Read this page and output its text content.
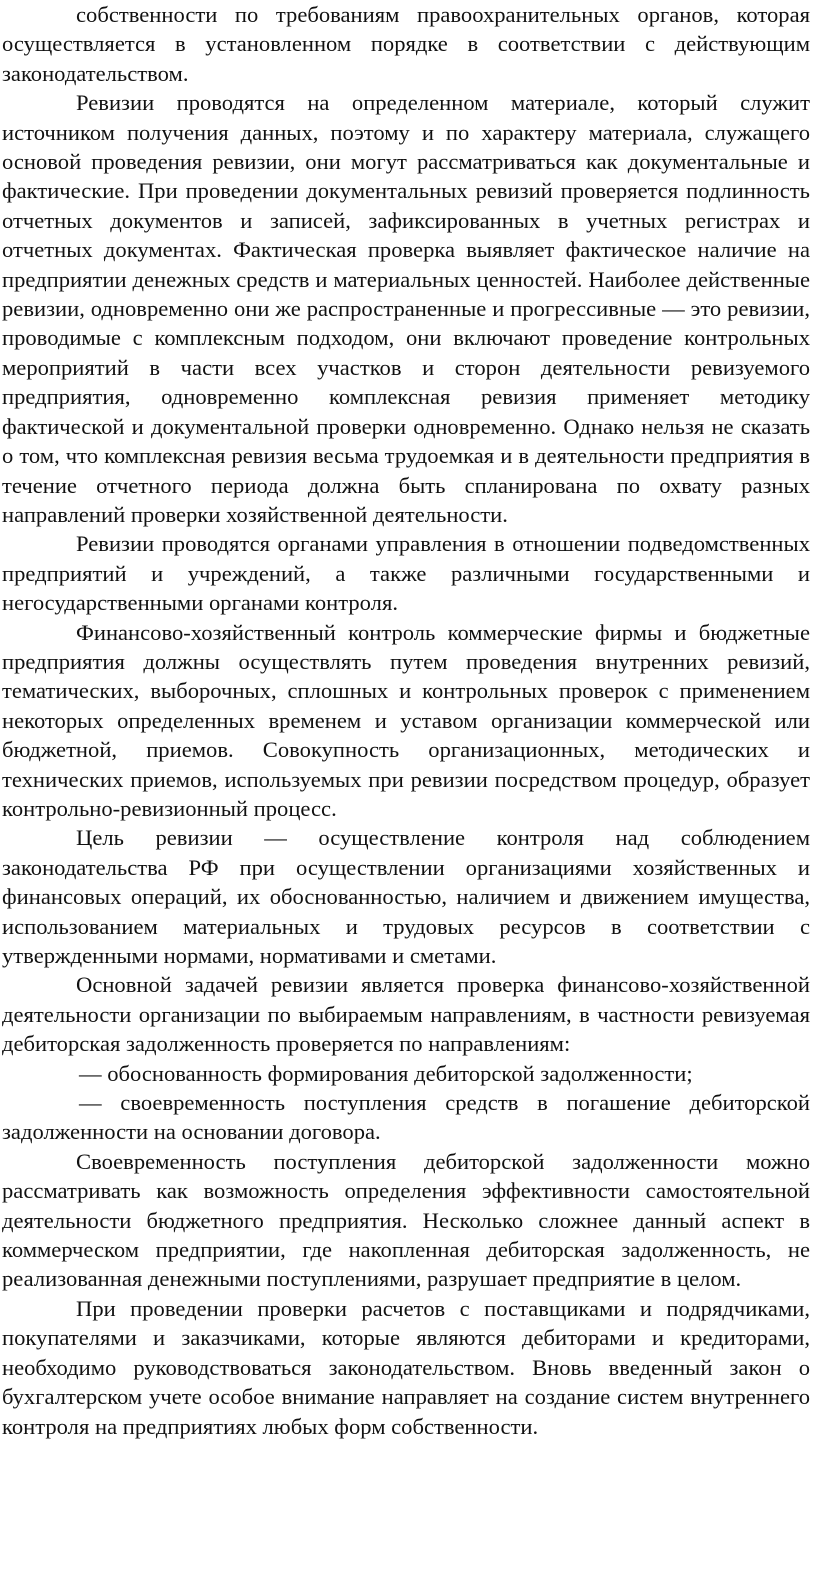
собственности по требованиям правоохранительных органов, которая осуществляется в установленном порядке в соответствии с действующим законодательством.

Ревизии проводятся на определенном материале, который служит источником получения данных, поэтому и по характеру материала, служащего основой проведения ревизии, они могут рассматриваться как документальные и фактические. При проведении документальных ревизий проверяется подлинность отчетных документов и записей, зафиксированных в учетных регистрах и отчетных документах. Фактическая проверка выявляет фактическое наличие на предприятии денежных средств и материальных ценностей. Наиболее действенные ревизии, одновременно они же распространенные и прогрессивные — это ревизии, проводимые с комплексным подходом, они включают проведение контрольных мероприятий в части всех участков и сторон деятельности ревизуемого предприятия, одновременно комплексная ревизия применяет методику фактической и документальной проверки одновременно. Однако нельзя не сказать о том, что комплексная ревизия весьма трудоемкая и в деятельности предприятия в течение отчетного периода должна быть спланирована по охвату разных направлений проверки хозяйственной деятельности.

Ревизии проводятся органами управления в отношении подведомственных предприятий и учреждений, а также различными государственными и негосударственными органами контроля.

Финансово-хозяйственный контроль коммерческие фирмы и бюджетные предприятия должны осуществлять путем проведения внутренних ревизий, тематических, выборочных, сплошных и контрольных проверок с применением некоторых определенных временем и уставом организации коммерческой или бюджетной, приемов. Совокупность организационных, методических и технических приемов, используемых при ревизии посредством процедур, образует контрольно-ревизионный процесс.

Цель ревизии — осуществление контроля над соблюдением законодательства РФ при осуществлении организациями хозяйственных и финансовых операций, их обоснованностью, наличием и движением имущества, использованием материальных и трудовых ресурсов в соответствии с утвержденными нормами, нормативами и сметами.

Основной задачей ревизии является проверка финансово-хозяйственной деятельности организации по выбираемым направлениям, в частности ревизуемая дебиторская задолженность проверяется по направлениям:

— обоснованность формирования дебиторской задолженности;

— своевременность поступления средств в погашение дебиторской задолженности на основании договора.

Своевременность поступления дебиторской задолженности можно рассматривать как возможность определения эффективности самостоятельной деятельности бюджетного предприятия. Несколько сложнее данный аспект в коммерческом предприятии, где накопленная дебиторская задолженность, не реализованная денежными поступлениями, разрушает предприятие в целом.

При проведении проверки расчетов с поставщиками и подрядчиками, покупателями и заказчиками, которые являются дебиторами и кредиторами, необходимо руководствоваться законодательством. Вновь введенный закон о бухгалтерском учете особое внимание направляет на создание систем внутреннего контроля на предприятиях любых форм собственности.
